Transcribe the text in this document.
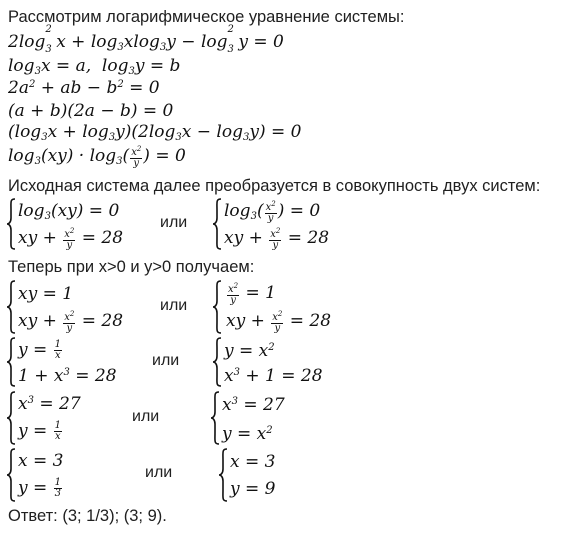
Рассмотрим логарифмическое уравнение системы:
2log
2
3 $x + \log_3xlog_3y - \log$
2
3 y = 0
$\log_3x = a$,  $\log_3y = b$
$2a^2$ + ab − $b^2 = 0$
(a + b)(2a − b) = 0
$(\log_3x + \log_3y)(2\log_3x - \log_3y) = 0$
$\log_3(xy) \cdot \log_3( \frac{x^2}{y}$ ) = 0
Исходная система далее преобразуется в совокупность двух систем:
$\log_3(xy) = 0$
xy + $\frac{x^2}{y} = 28$
или
$\log_3( \frac{x^2}{y}$ ) = 0
xy + $\frac{x^2}{y} = 28$
Теперь при x>0 и y>0 получаем:
xy = 1
xy + $\frac{x^2}{y} = 28$
или	$\frac{x^2}{y} = 1$
xy + $\frac{x^2}{y} = 28$
$y = \frac{1}{x}$
$1 + x^3 = 28$
или	$y = x^2$
$x^3 + 1 = 28$
$x^3 = 27$
$y = \frac{1}{x}$
или
$x^3 = 27$
$y = x^2$
x = 3
$y = \frac{1}{3}$
или
x = 3
y = 9
Ответ: (3; 1/3); (3; 9).
